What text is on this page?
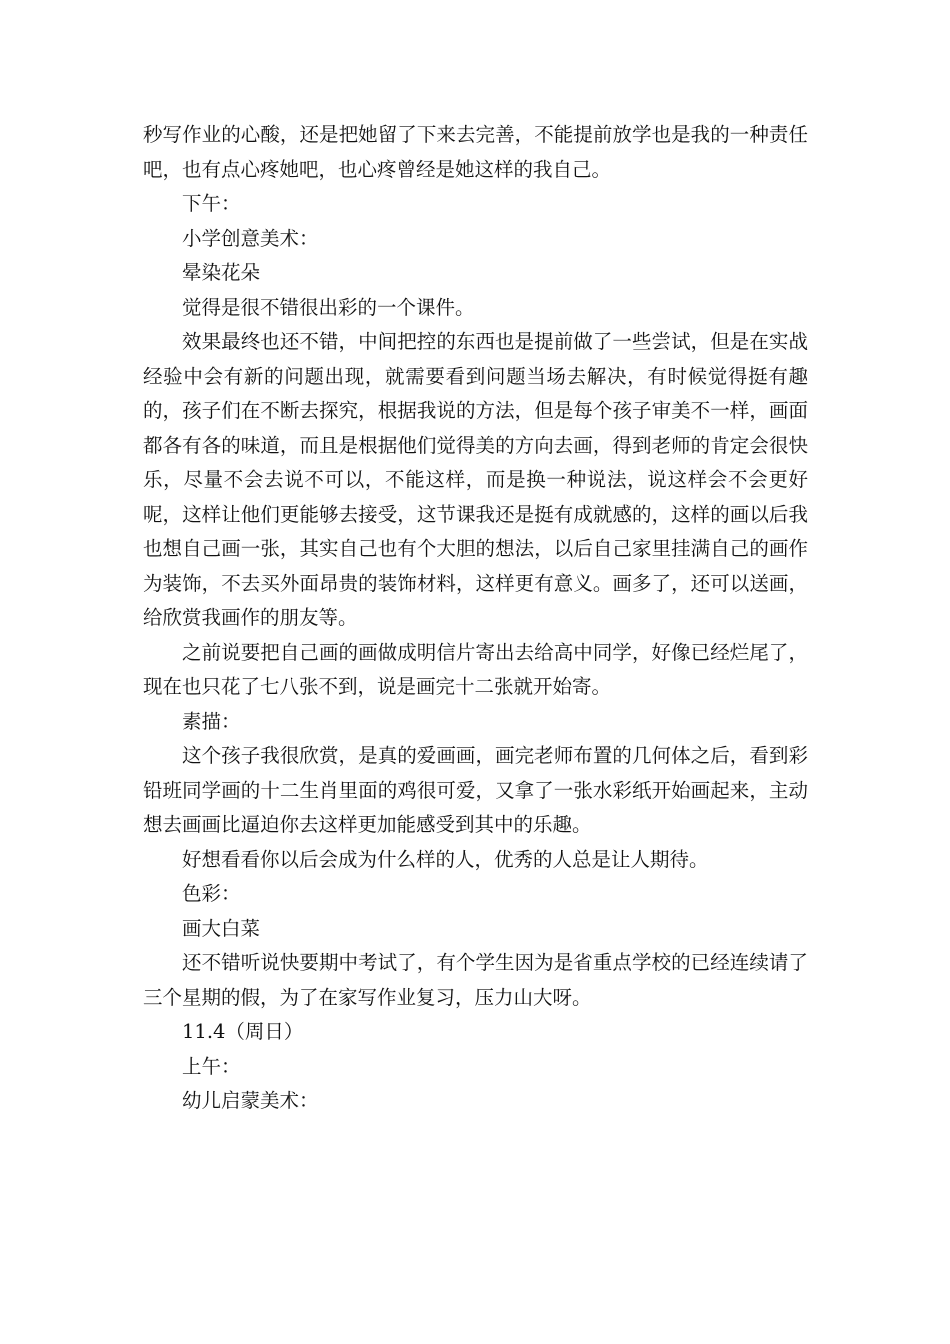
秒写作业的心酸，还是把她留了下来去完善，不能提前放学也是我的一种责任吧，也有点心疼她吧，也心疼曾经是她这样的我自己。

下午：

小学创意美术：

晕染花朵

觉得是很不错很出彩的一个课件。

效果最终也还不错，中间把控的东西也是提前做了一些尝试，但是在实战经验中会有新的问题出现，就需要看到问题当场去解决，有时候觉得挺有趣的，孩子们在不断去探究，根据我说的方法，但是每个孩子审美不一样，画面都各有各的味道，而且是根据他们觉得美的方向去画，得到老师的肯定会很快乐，尽量不会去说不可以，不能这样，而是换一种说法，说这样会不会更好呢，这样让他们更能够去接受，这节课我还是挺有成就感的，这样的画以后我也想自己画一张，其实自己也有个大胆的想法，以后自己家里挂满自己的画作为装饰，不去买外面昂贵的装饰材料，这样更有意义。画多了，还可以送画，给欣赏我画作的朋友等。

之前说要把自己画的画做成明信片寄出去给高中同学，好像已经烂尾了，现在也只花了七八张不到，说是画完十二张就开始寄。

素描：

这个孩子我很欣赏，是真的爱画画，画完老师布置的几何体之后，看到彩铅班同学画的十二生肖里面的鸡很可爱，又拿了一张水彩纸开始画起来，主动想去画画比逼迫你去这样更加能感受到其中的乐趣。

好想看看你以后会成为什么样的人，优秀的人总是让人期待。

色彩：

画大白菜

还不错听说快要期中考试了，有个学生因为是省重点学校的已经连续请了三个星期的假，为了在家写作业复习，压力山大呀。

11.4（周日）

上午：

幼儿启蒙美术：
